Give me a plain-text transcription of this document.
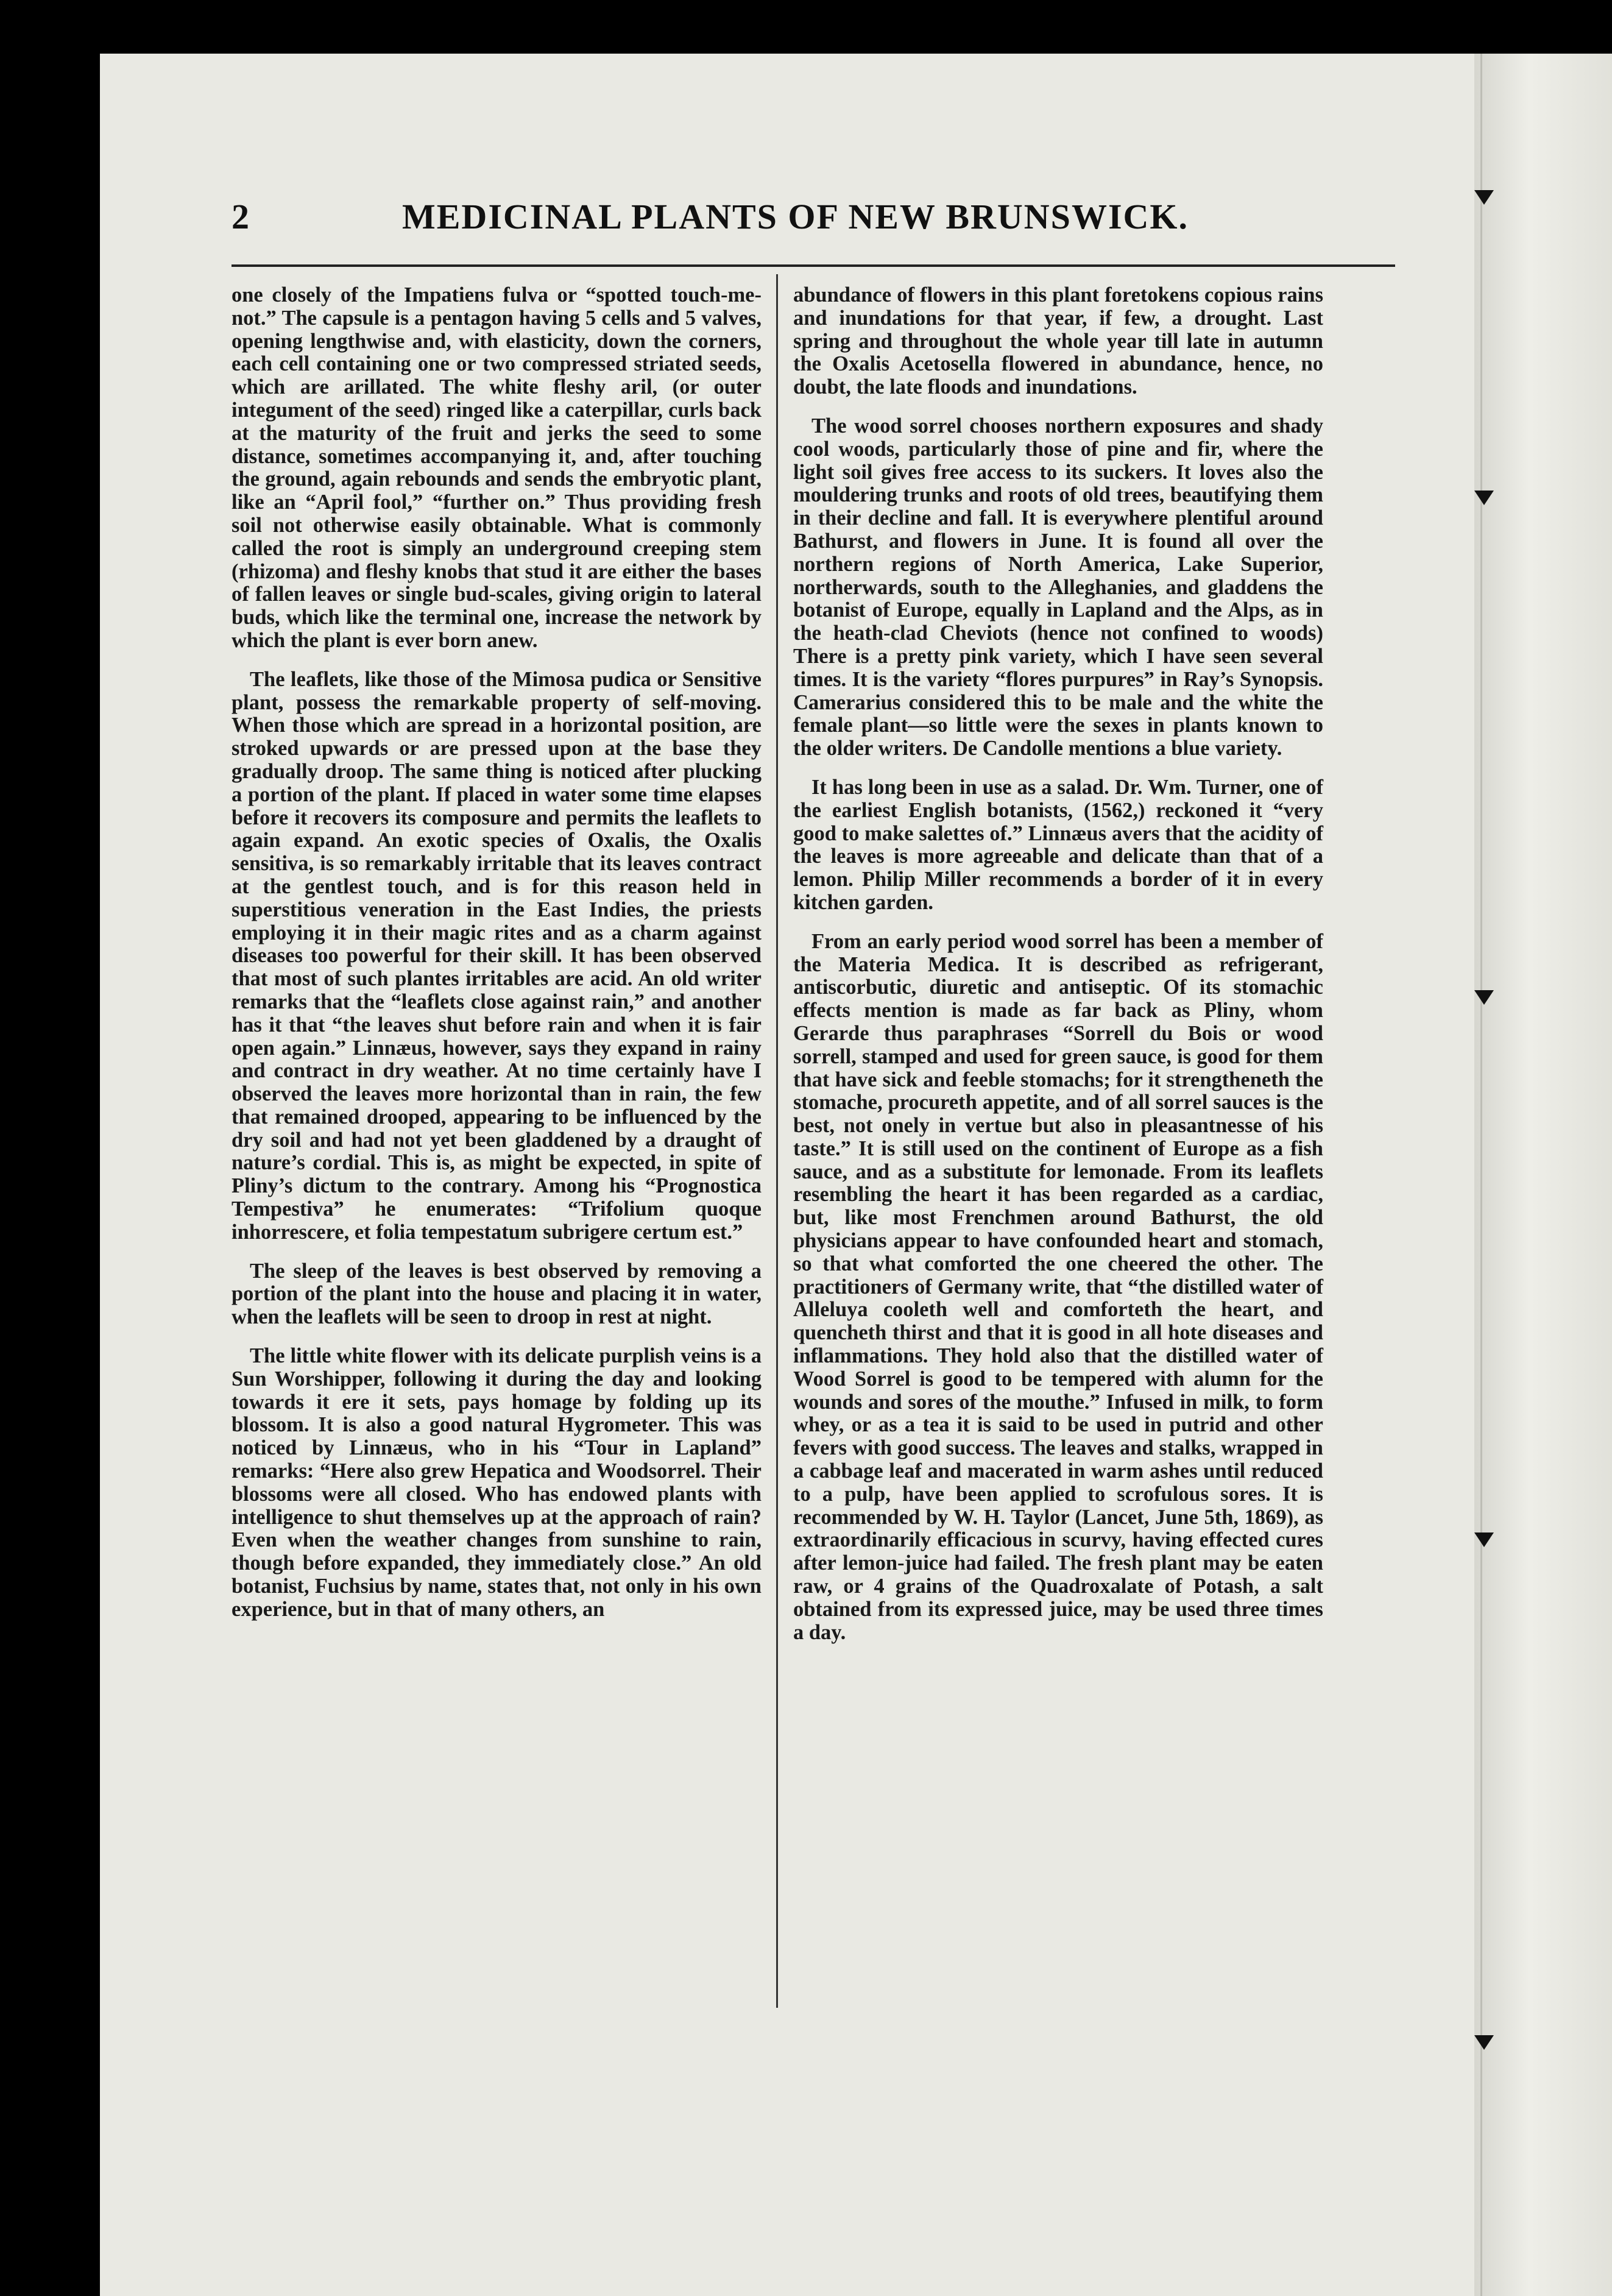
2	MEDICINAL PLANTS OF NEW BRUNSWICK.

one closely of the Impatiens fulva or “spotted touch-me-not.” The capsule is a pentagon having 5 cells and 5 valves, opening lengthwise and, with elasticity, down the corners, each cell containing one or two compressed striated seeds, which are arillated. The white fleshy aril, (or outer integument of the seed) ringed like a caterpillar, curls back at the maturity of the fruit and jerks the seed to some distance, sometimes accompanying it, and, after touching the ground, again rebounds and sends the embryotic plant, like an “April fool,” “further on.” Thus providing fresh soil not otherwise easily obtainable. What is commonly called the root is simply an underground creeping stem (rhizoma) and fleshy knobs that stud it are either the bases of fallen leaves or single bud-scales, giving origin to lateral buds, which like the terminal one, increase the network by which the plant is ever born anew.

The leaflets, like those of the Mimosa pudica or Sensitive plant, possess the remarkable property of self-moving. When those which are spread in a horizontal position, are stroked upwards or are pressed upon at the base they gradually droop. The same thing is noticed after plucking a portion of the plant. If placed in water some time elapses before it recovers its composure and permits the leaflets to again expand. An exotic species of Oxalis, the Oxalis sensitiva, is so remarkably irritable that its leaves contract at the gentlest touch, and is for this reason held in superstitious veneration in the East Indies, the priests employing it in their magic rites and as a charm against diseases too powerful for their skill. It has been observed that most of such plantes irritables are acid. An old writer remarks that the “leaflets close against rain,” and another has it that “the leaves shut before rain and when it is fair open again.” Linnæus, however, says they expand in rainy and contract in dry weather. At no time certainly have I observed the leaves more horizontal than in rain, the few that remained drooped, appearing to be influenced by the dry soil and had not yet been gladdened by a draught of nature’s cordial. This is, as might be expected, in spite of Pliny’s dictum to the contrary. Among his “Prognostica Tempestiva” he enumerates: “Trifolium quoque inhorrescere, et folia tempestatum subrigere certum est.”

The sleep of the leaves is best observed by removing a portion of the plant into the house and placing it in water, when the leaflets will be seen to droop in rest at night.

The little white flower with its delicate purplish veins is a Sun Worshipper, following it during the day and looking towards it ere it sets, pays homage by folding up its blossom. It is also a good natural Hygrometer. This was noticed by Linnæus, who in his “Tour in Lapland” remarks: “Here also grew Hepatica and Woodsorrel. Their blossoms were all closed. Who has endowed plants with intelligence to shut themselves up at the approach of rain? Even when the weather changes from sunshine to rain, though before expanded, they immediately close.” An old botanist, Fuchsius by name, states that, not only in his own experience, but in that of many others, an

abundance of flowers in this plant foretokens copious rains and inundations for that year, if few, a drought. Last spring and throughout the whole year till late in autumn the Oxalis Acetosella flowered in abundance, hence, no doubt, the late floods and inundations.

The wood sorrel chooses northern exposures and shady cool woods, particularly those of pine and fir, where the light soil gives free access to its suckers. It loves also the mouldering trunks and roots of old trees, beautifying them in their decline and fall. It is everywhere plentiful around Bathurst, and flowers in June. It is found all over the northern regions of North America, Lake Superior, northerwards, south to the Alleghanies, and gladdens the botanist of Europe, equally in Lapland and the Alps, as in the heath-clad Cheviots (hence not confined to woods) There is a pretty pink variety, which I have seen several times. It is the variety “flores purpures” in Ray’s Synopsis. Camerarius considered this to be male and the white the female plant—so little were the sexes in plants known to the older writers. De Candolle mentions a blue variety.

It has long been in use as a salad. Dr. Wm. Turner, one of the earliest English botanists, (1562,) reckoned it “very good to make salettes of.” Linnæus avers that the acidity of the leaves is more agreeable and delicate than that of a lemon. Philip Miller recommends a border of it in every kitchen garden.

From an early period wood sorrel has been a member of the Materia Medica. It is described as refrigerant, antiscorbutic, diuretic and antiseptic. Of its stomachic effects mention is made as far back as Pliny, whom Gerarde thus paraphrases “Sorrell du Bois or wood sorrell, stamped and used for green sauce, is good for them that have sick and feeble stomachs; for it strengtheneth the stomache, procureth appetite, and of all sorrel sauces is the best, not onely in vertue but also in pleasantnesse of his taste.” It is still used on the continent of Europe as a fish sauce, and as a substitute for lemonade. From its leaflets resembling the heart it has been regarded as a cardiac, but, like most Frenchmen around Bathurst, the old physicians appear to have confounded heart and stomach, so that what comforted the one cheered the other. The practitioners of Germany write, that “the distilled water of Alleluya cooleth well and comforteth the heart, and quencheth thirst and that it is good in all hote diseases and inflammations. They hold also that the distilled water of Wood Sorrel is good to be tempered with alumn for the wounds and sores of the mouthe.” Infused in milk, to form whey, or as a tea it is said to be used in putrid and other fevers with good success. The leaves and stalks, wrapped in a cabbage leaf and macerated in warm ashes until reduced to a pulp, have been applied to scrofulous sores. It is recommended by W. H. Taylor (Lancet, June 5th, 1869), as extraordinarily efficacious in scurvy, having effected cures after lemon-juice had failed. The fresh plant may be eaten raw, or 4 grains of the Quadroxalate of Potash, a salt obtained from its expressed juice, may be used three times a day.
